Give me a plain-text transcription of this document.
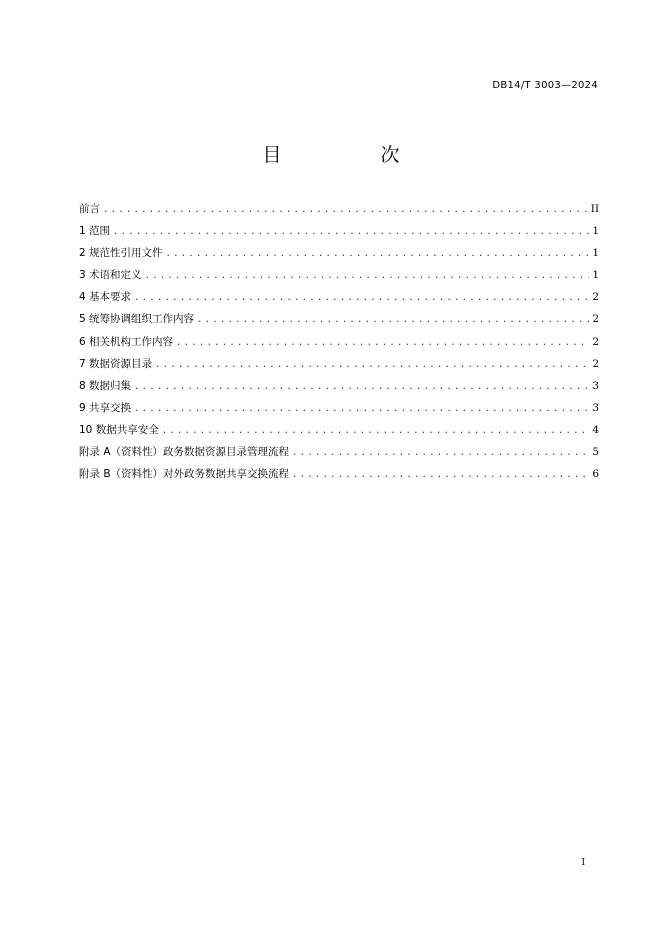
DB14/T 3003—2024
目　次
前言 .....	II
1 范围 .....	1
2 规范性引用文件 .....	1
3 术语和定义 .....	1
4 基本要求 .....	2
5 统筹协调组织工作内容 .....	2
6 相关机构工作内容 .....	2
7 数据资源目录 .....	2
8 数据归集 .....	3
9 共享交换 .....	3
10 数据共享安全 .....	4
附录 A（资料性）政务数据资源目录管理流程 .....	5
附录 B（资料性）对外政务数据共享交换流程 .....	6
I
